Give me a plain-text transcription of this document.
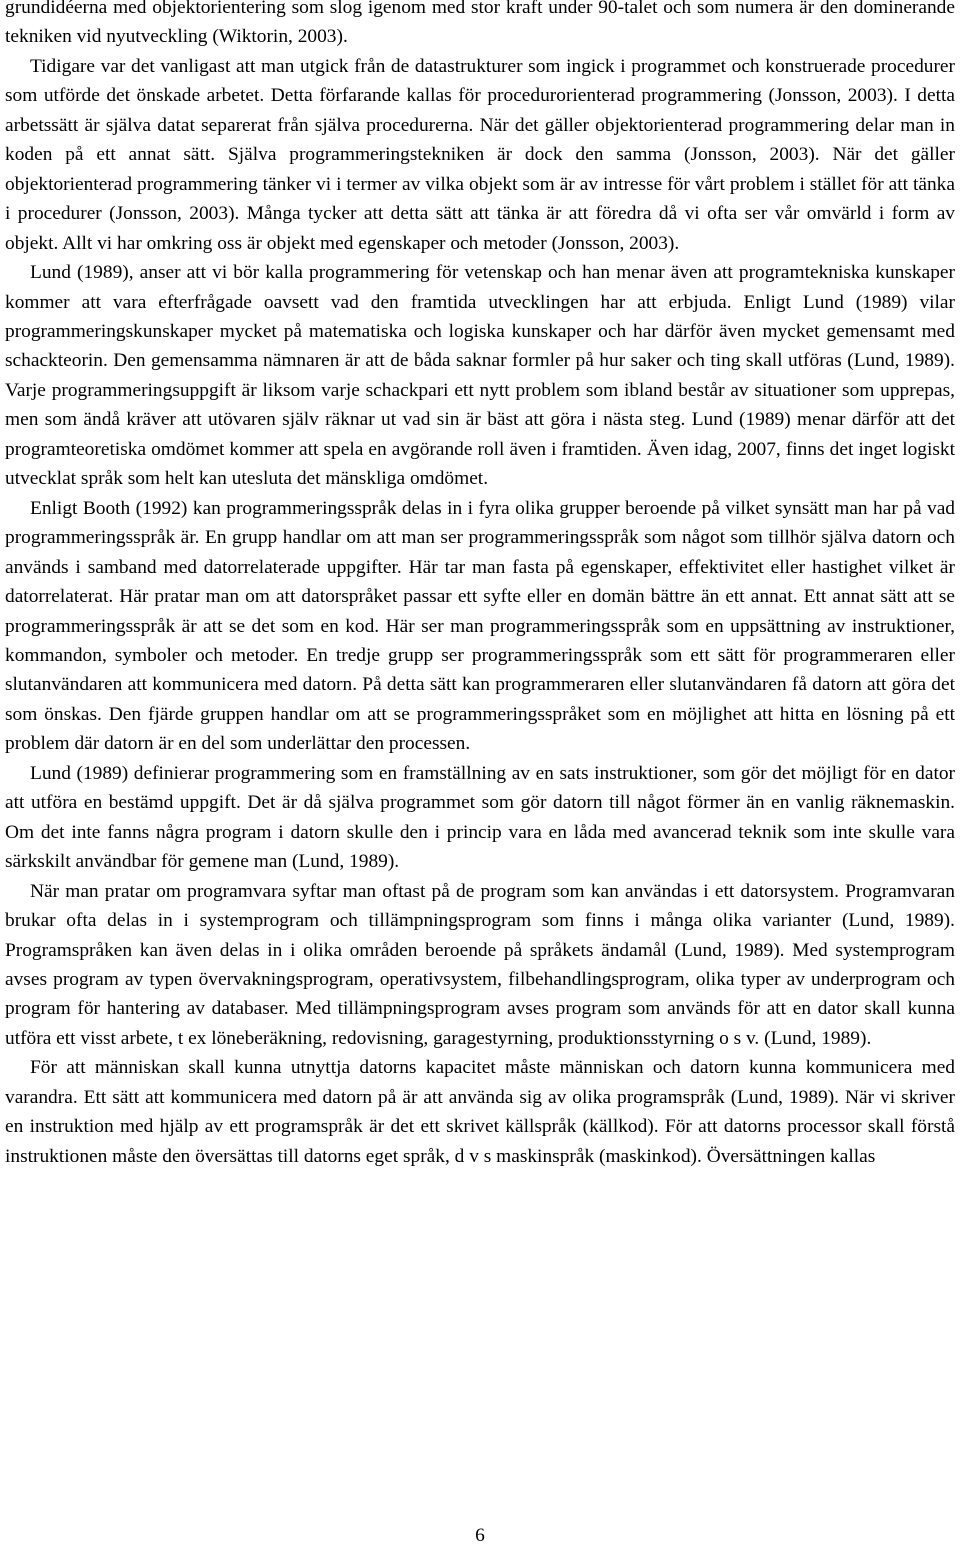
grundidéerna med objektorientering som slog igenom med stor kraft under 90-talet och som numera är den dominerande tekniken vid nyutveckling (Wiktorin, 2003).

Tidigare var det vanligast att man utgick från de datastrukturer som ingick i programmet och konstruerade procedurer som utförde det önskade arbetet. Detta förfarande kallas för procedurorienterad programmering (Jonsson, 2003). I detta arbetssätt är själva datat separerat från själva procedurerna. När det gäller objektorienterad programmering delar man in koden på ett annat sätt. Själva programmeringstekniken är dock den samma (Jonsson, 2003). När det gäller objektorienterad programmering tänker vi i termer av vilka objekt som är av intresse för vårt problem i stället för att tänka i procedurer (Jonsson, 2003). Många tycker att detta sätt att tänka är att föredra då vi ofta ser vår omvärld i form av objekt. Allt vi har omkring oss är objekt med egenskaper och metoder (Jonsson, 2003).

Lund (1989), anser att vi bör kalla programmering för vetenskap och han menar även att programtekniska kunskaper kommer att vara efterfrågade oavsett vad den framtida utvecklingen har att erbjuda. Enligt Lund (1989) vilar programmeringskunskaper mycket på matematiska och logiska kunskaper och har därför även mycket gemensamt med schackteorin. Den gemensamma nämnaren är att de båda saknar formler på hur saker och ting skall utföras (Lund, 1989). Varje programmeringsuppgift är liksom varje schackpari ett nytt problem som ibland består av situationer som upprepas, men som ändå kräver att utövaren själv räknar ut vad sin är bäst att göra i nästa steg. Lund (1989) menar därför att det programteoretiska omdömet kommer att spela en avgörande roll även i framtiden. Även idag, 2007, finns det inget logiskt utvecklat språk som helt kan utesluta det mänskliga omdömet.

Enligt Booth (1992) kan programmeringsspråk delas in i fyra olika grupper beroende på vilket synsätt man har på vad programmeringsspråk är. En grupp handlar om att man ser programmeringsspråk som något som tillhör själva datorn och används i samband med datorrelaterade uppgifter. Här tar man fasta på egenskaper, effektivitet eller hastighet vilket är datorrelaterat. Här pratar man om att datorspråket passar ett syfte eller en domän bättre än ett annat. Ett annat sätt att se programmeringsspråk är att se det som en kod. Här ser man programmeringsspråk som en uppsättning av instruktioner, kommandon, symboler och metoder. En tredje grupp ser programmeringsspråk som ett sätt för programmeraren eller slutanvändaren att kommunicera med datorn. På detta sätt kan programmeraren eller slutanvändaren få datorn att göra det som önskas. Den fjärde gruppen handlar om att se programmeringsspråket som en möjlighet att hitta en lösning på ett problem där datorn är en del som underlättar den processen.

Lund (1989) definierar programmering som en framställning av en sats instruktioner, som gör det möjligt för en dator att utföra en bestämd uppgift. Det är då själva programmet som gör datorn till något förmer än en vanlig räknemaskin. Om det inte fanns några program i datorn skulle den i princip vara en låda med avancerad teknik som inte skulle vara särkskilt användbar för gemene man (Lund, 1989).

När man pratar om programvara syftar man oftast på de program som kan användas i ett datorsystem. Programvaran brukar ofta delas in i systemprogram och tillämpningsprogram som finns i många olika varianter (Lund, 1989). Programspråken kan även delas in i olika områden beroende på språkets ändamål (Lund, 1989). Med systemprogram avses program av typen övervakningsprogram, operativsystem, filbehandlingsprogram, olika typer av underprogram och program för hantering av databaser. Med tillämpningsprogram avses program som används för att en dator skall kunna utföra ett visst arbete, t ex löneberäkning, redovisning, garagestyrning, produktionsstyrning o s v. (Lund, 1989).

För att människan skall kunna utnyttja datorns kapacitet måste människan och datorn kunna kommunicera med varandra. Ett sätt att kommunicera med datorn på är att använda sig av olika programspråk (Lund, 1989). När vi skriver en instruktion med hjälp av ett programspråk är det ett skrivet källspråk (källkod). För att datorns processor skall förstå instruktionen måste den översättas till datorns eget språk, d v s maskinspråk (maskinkod). Översättningen kallas

6
